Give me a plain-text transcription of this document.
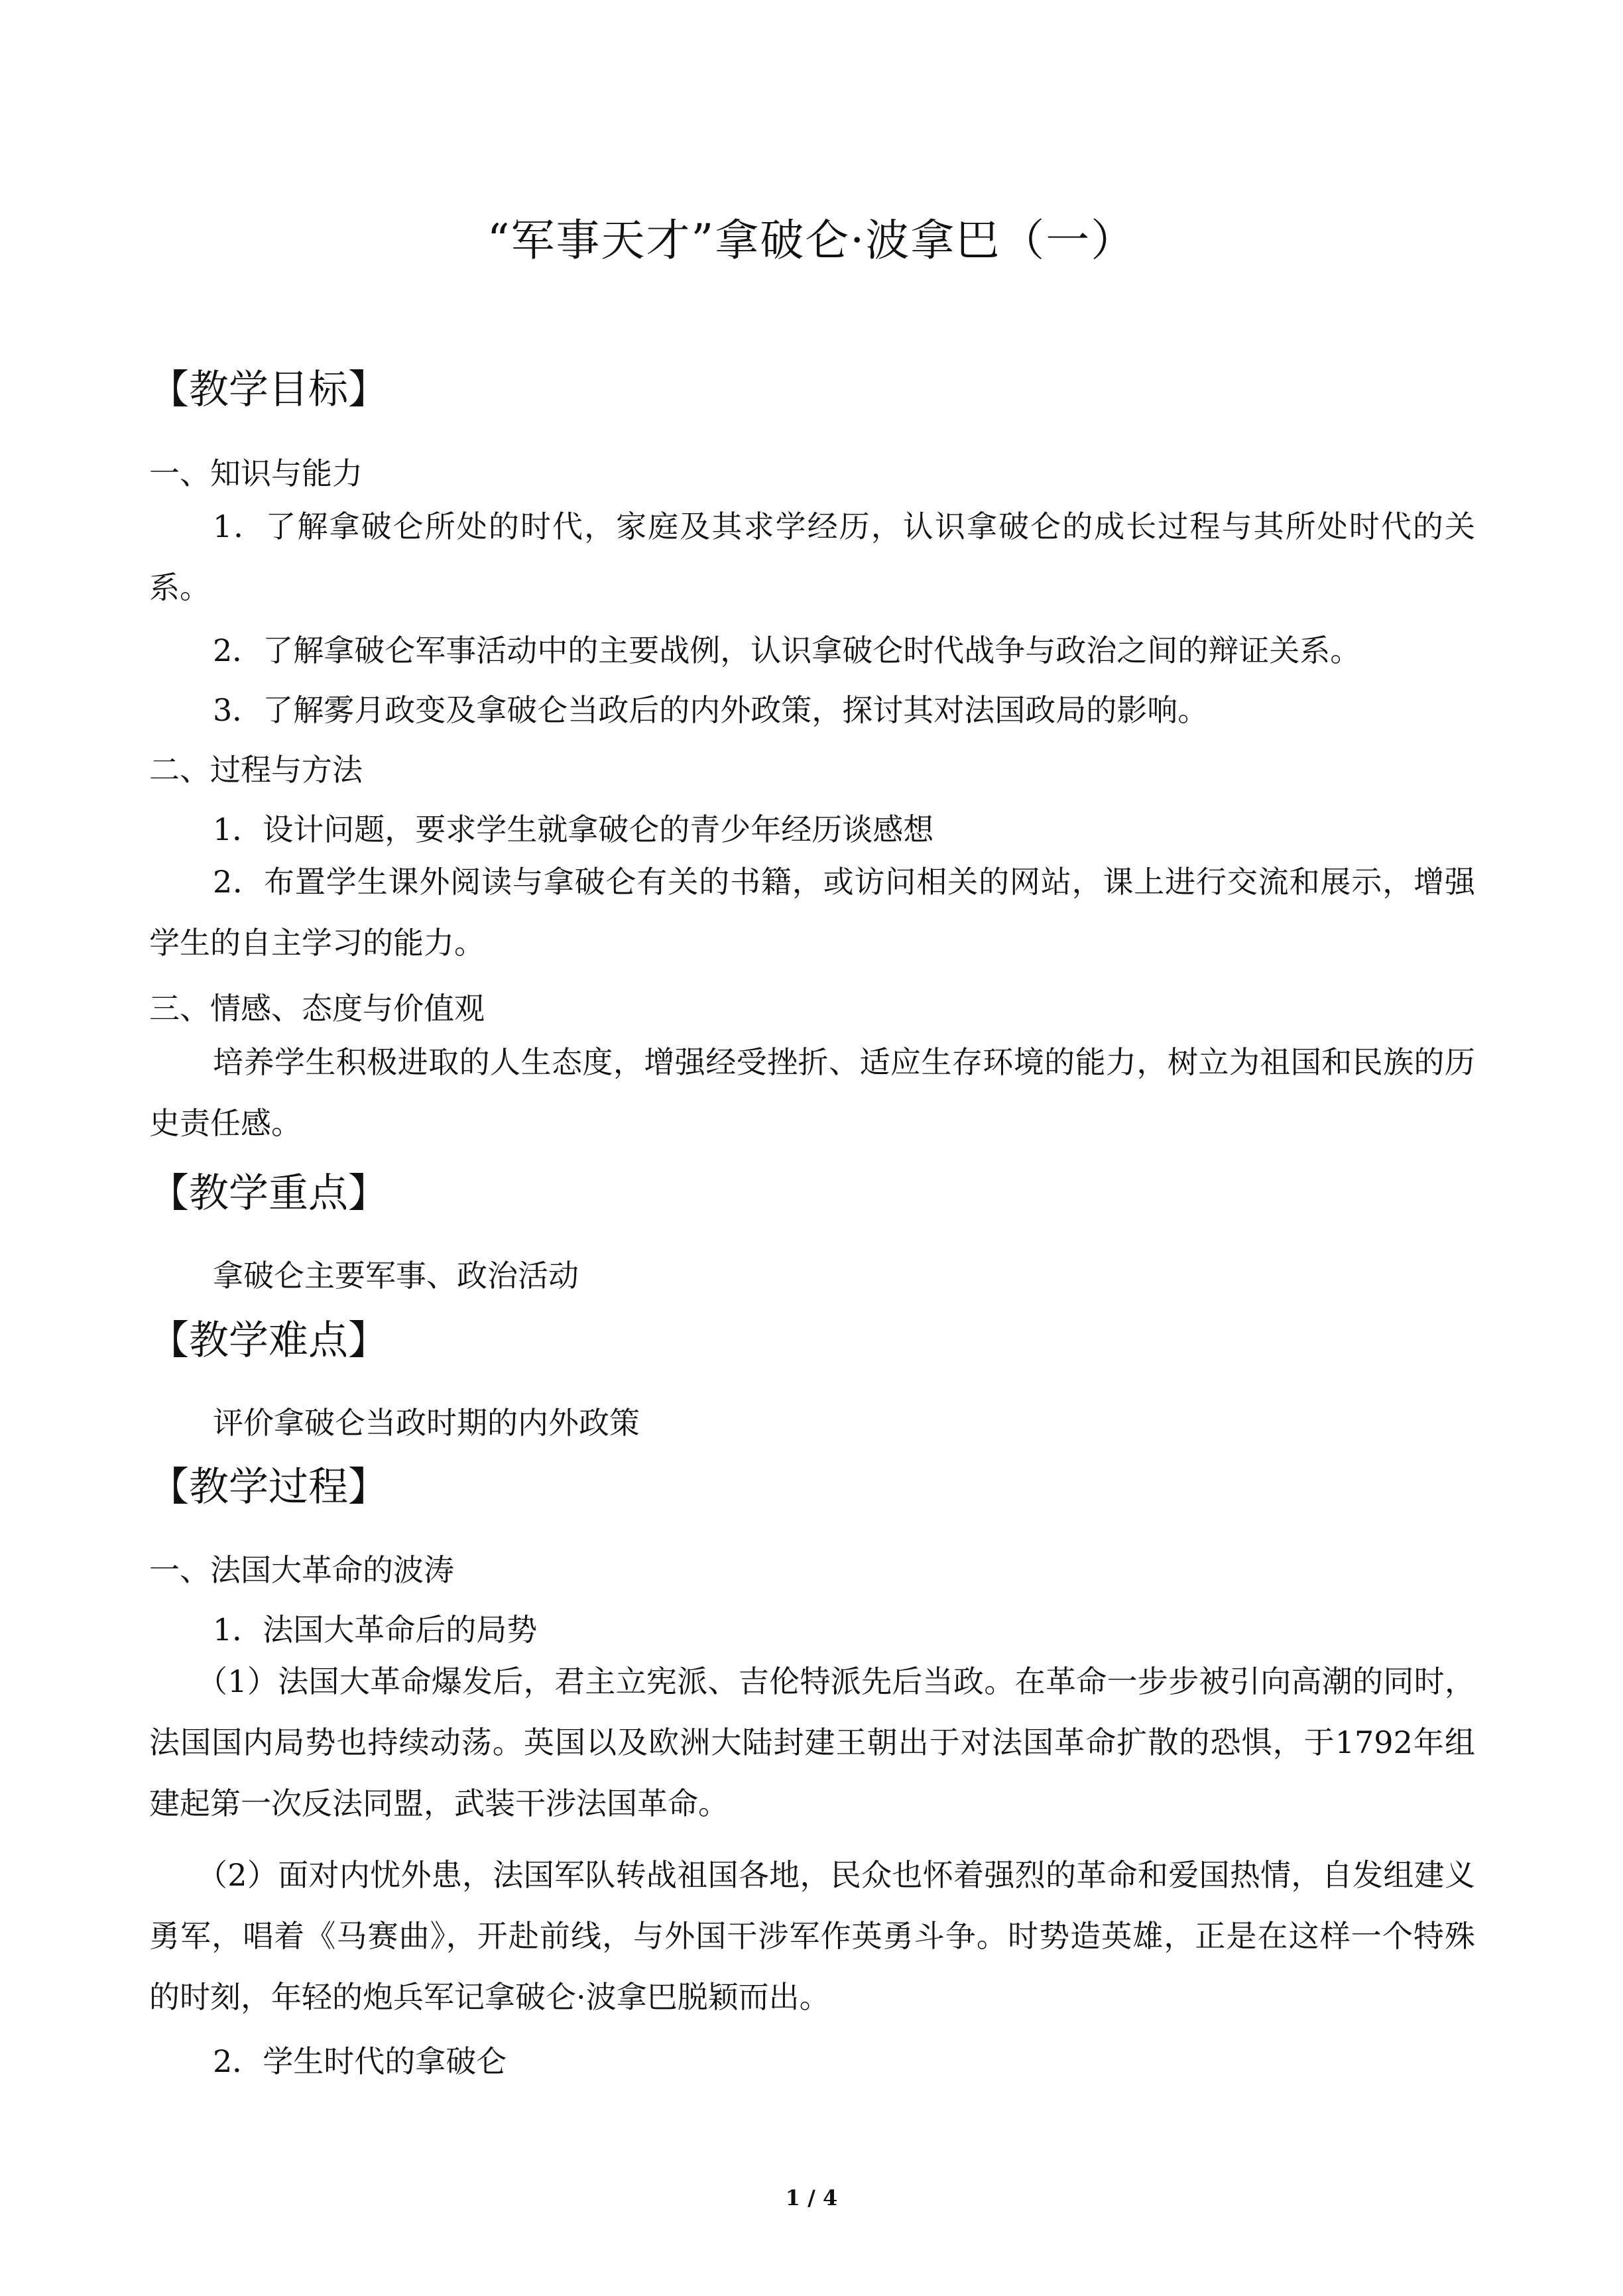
“军事天才”拿破仑·波拿巴（一）
【教学目标】
一、知识与能力
1．了解拿破仑所处的时代，家庭及其求学经历，认识拿破仑的成长过程与其所处时代的关系。
2．了解拿破仑军事活动中的主要战例，认识拿破仑时代战争与政治之间的辩证关系。
3．了解雾月政变及拿破仑当政后的内外政策，探讨其对法国政局的影响。
二、过程与方法
1．设计问题，要求学生就拿破仑的青少年经历谈感想
2．布置学生课外阅读与拿破仑有关的书籍，或访问相关的网站，课上进行交流和展示，增强学生的自主学习的能力。
三、情感、态度与价值观
培养学生积极进取的人生态度，增强经受挫折、适应生存环境的能力，树立为祖国和民族的历史责任感。
【教学重点】
拿破仑主要军事、政治活动
【教学难点】
评价拿破仑当政时期的内外政策
【教学过程】
一、法国大革命的波涛
1．法国大革命后的局势
（1）法国大革命爆发后，君主立宪派、吉伦特派先后当政。在革命一步步被引向高潮的同时，法国国内局势也持续动荡。英国以及欧洲大陆封建王朝出于对法国革命扩散的恐惧，于1792年组建起第一次反法同盟，武装干涉法国革命。
（2）面对内忧外患，法国军队转战祖国各地，民众也怀着强烈的革命和爱国热情，自发组建义勇军，唱着《马赛曲》，开赴前线，与外国干涉军作英勇斗争。时势造英雄，正是在这样一个特殊的时刻，年轻的炮兵军记拿破仑·波拿巴脱颖而出。
2．学生时代的拿破仑
1 / 4
